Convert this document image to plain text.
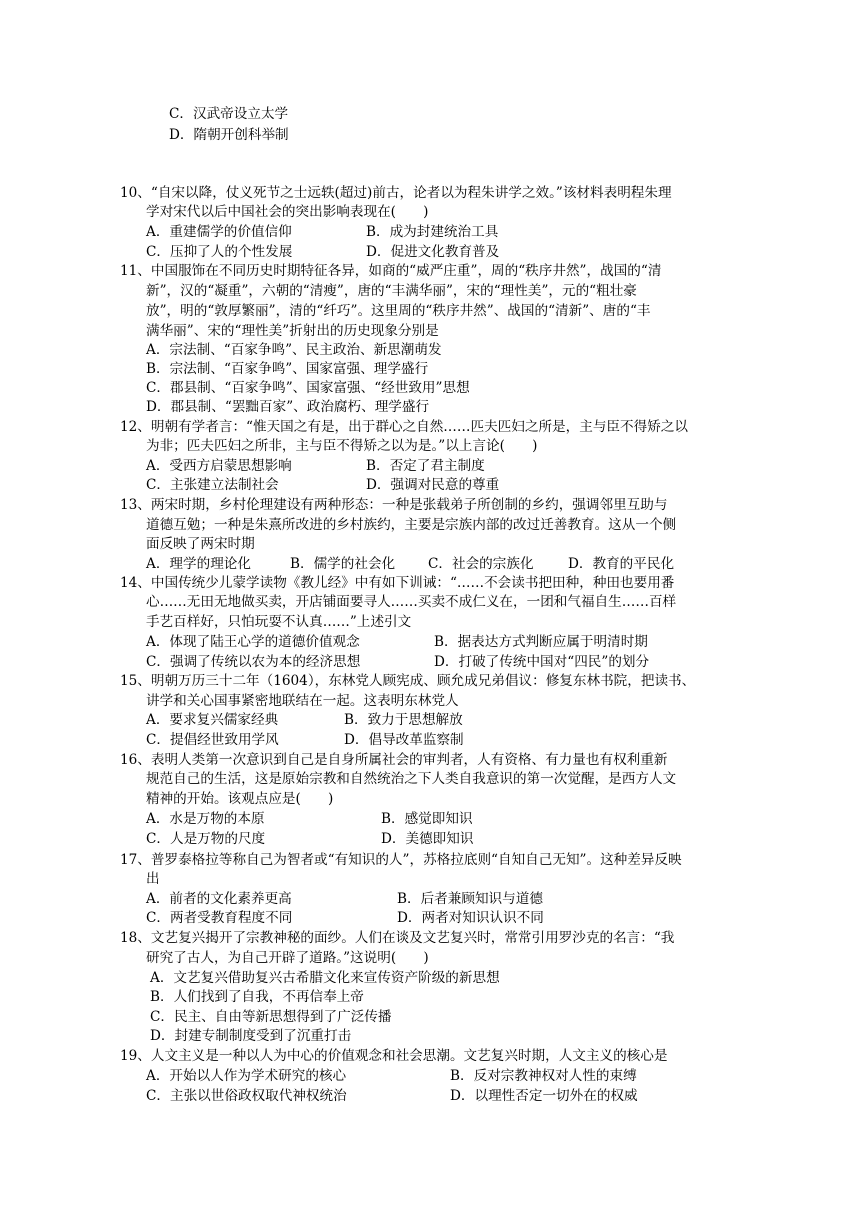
C．汉武帝设立太学
D．隋朝开创科举制
10、“自宋以降，仗义死节之士远轶(超过)前古，论者以为程朱讲学之效。”该材料表明程朱理
学对宋代以后中国社会的突出影响表现在(　　)
A．重建儒学的价值信仰	B．成为封建统治工具
C．压抑了人的个性发展	D．促进文化教育普及
11、中国服饰在不同历史时期特征各异，如商的“威严庄重”，周的“秩序井然”，战国的“清
新”，汉的“凝重”，六朝的“清瘦”，唐的“丰满华丽”，宋的“理性美”，元的“粗壮豪
放”，明的“敦厚繁丽”，清的“纤巧”。这里周的“秩序井然”、战国的“清新”、唐的“丰
满华丽”、宋的“理性美”折射出的历史现象分别是
A．宗法制、“百家争鸣”、民主政治、新思潮萌发
B．宗法制、“百家争鸣”、国家富强、理学盛行
C．郡县制、“百家争鸣”、国家富强、“经世致用”思想
D．郡县制、“罢黜百家”、政治腐朽、理学盛行
12、明朝有学者言：“惟天国之有是，出于群心之自然……匹夫匹妇之所是，主与臣不得矫之以
为非；匹夫匹妇之所非，主与臣不得矫之以为是。”以上言论(　　)
A．受西方启蒙思想影响	B．否定了君主制度
C．主张建立法制社会	D．强调对民意的尊重
13、两宋时期，乡村伦理建设有两种形态：一种是张载弟子所创制的乡约，强调邻里互助与
道德互勉；一种是朱熹所改进的乡村族约，主要是宗族内部的改过迁善教育。这从一个侧
面反映了两宋时期
A．理学的理论化	B．儒学的社会化 C．社会的宗族化	D．教育的平民化
14、中国传统少儿蒙学读物《教儿经》中有如下训诫：“……不会读书把田种，种田也要用番
心……无田无地做买卖，开店铺面要寻人……买卖不成仁义在，一团和气福自生……百样
手艺百样好，只怕玩耍不认真……”上述引文
A．体现了陆王心学的道德价值观念	B．据表达方式判断应属于明清时期
C．强调了传统以农为本的经济思想	D．打破了传统中国对“四民”的划分
15、明朝万历三十二年（1604），东林党人顾宪成、顾允成兄弟倡议：修复东林书院，把读书、
讲学和关心国事紧密地联结在一起。这表明东林党人
A．要求复兴儒家经典	B．致力于思想解放
C．提倡经世致用学风	D．倡导改革监察制
16、表明人类第一次意识到自己是自身所属社会的审判者，人有资格、有力量也有权利重新
规范自己的生活，这是原始宗教和自然统治之下人类自我意识的第一次觉醒，是西方人文
精神的开始。该观点应是(　　)
A．水是万物的本原	B．感觉即知识
C．人是万物的尺度	D．美德即知识
17、普罗泰格拉等称自己为智者或“有知识的人”，苏格拉底则“自知自己无知”。这种差异反映
出
A．前者的文化素养更高	B．后者兼顾知识与道德
C．两者受教育程度不同	D．两者对知识认识不同
18、文艺复兴揭开了宗教神秘的面纱。人们在谈及文艺复兴时，常常引用罗沙克的名言：“我
研究了古人，为自己开辟了道路。”这说明(　　)
A．文艺复兴借助复兴古希腊文化来宣传资产阶级的新思想
B．人们找到了自我，不再信奉上帝
C．民主、自由等新思想得到了广泛传播
D．封建专制制度受到了沉重打击
19、人文主义是一种以人为中心的价值观念和社会思潮。文艺复兴时期，人文主义的核心是
A．开始以人作为学术研究的核心	B．反对宗教神权对人性的束缚
C．主张以世俗政权取代神权统治	D．以理性否定一切外在的权威
